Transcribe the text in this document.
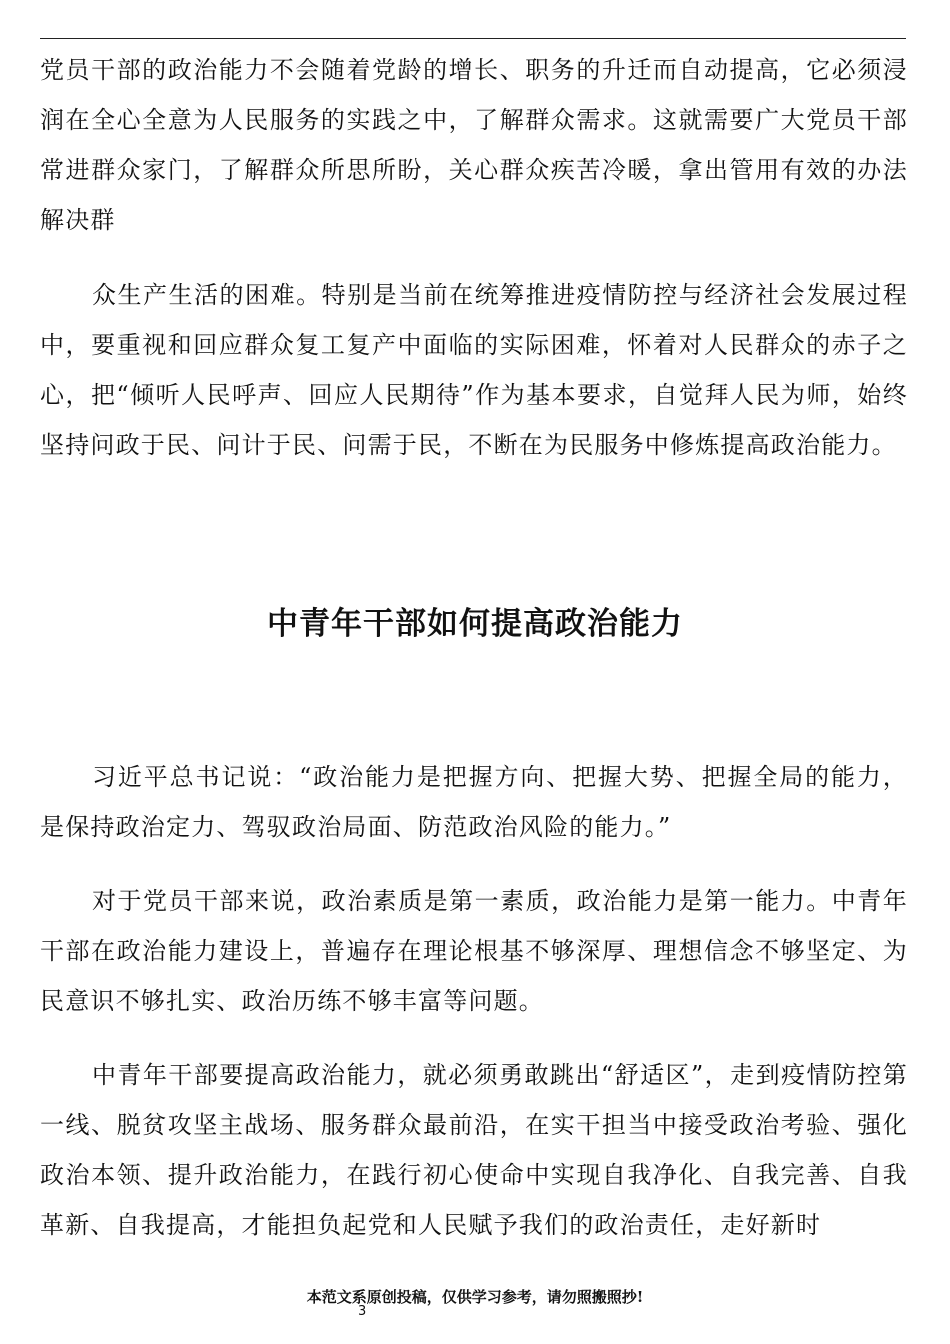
党员干部的政治能力不会随着党龄的增长、职务的升迁而自动提高，它必须浸润在全心全意为人民服务的实践之中，了解群众需求。这就需要广大党员干部常进群众家门，了解群众所思所盼，关心群众疾苦冷暖，拿出管用有效的办法解决群

众生产生活的困难。特别是当前在统筹推进疫情防控与经济社会发展过程中，要重视和回应群众复工复产中面临的实际困难，怀着对人民群众的赤子之心，把“倾听人民呼声、回应人民期待”作为基本要求，自觉拜人民为师，始终坚持问政于民、问计于民、问需于民，不断在为民服务中修炼提高政治能力。

中青年干部如何提高政治能力

习近平总书记说：“政治能力是把握方向、把握大势、把握全局的能力，是保持政治定力、驾驭政治局面、防范政治风险的能力。”

对于党员干部来说，政治素质是第一素质，政治能力是第一能力。中青年干部在政治能力建设上，普遍存在理论根基不够深厚、理想信念不够坚定、为民意识不够扎实、政治历练不够丰富等问题。

中青年干部要提高政治能力，就必须勇敢跳出“舒适区”，走到疫情防控第一线、脱贫攻坚主战场、服务群众最前沿，在实干担当中接受政治考验、强化政治本领、提升政治能力，在践行初心使命中实现自我净化、自我完善、自我革新、自我提高，才能担负起党和人民赋予我们的政治责任，走好新时

本范文系原创投稿，仅供学习参考，请勿照搬照抄!
3
